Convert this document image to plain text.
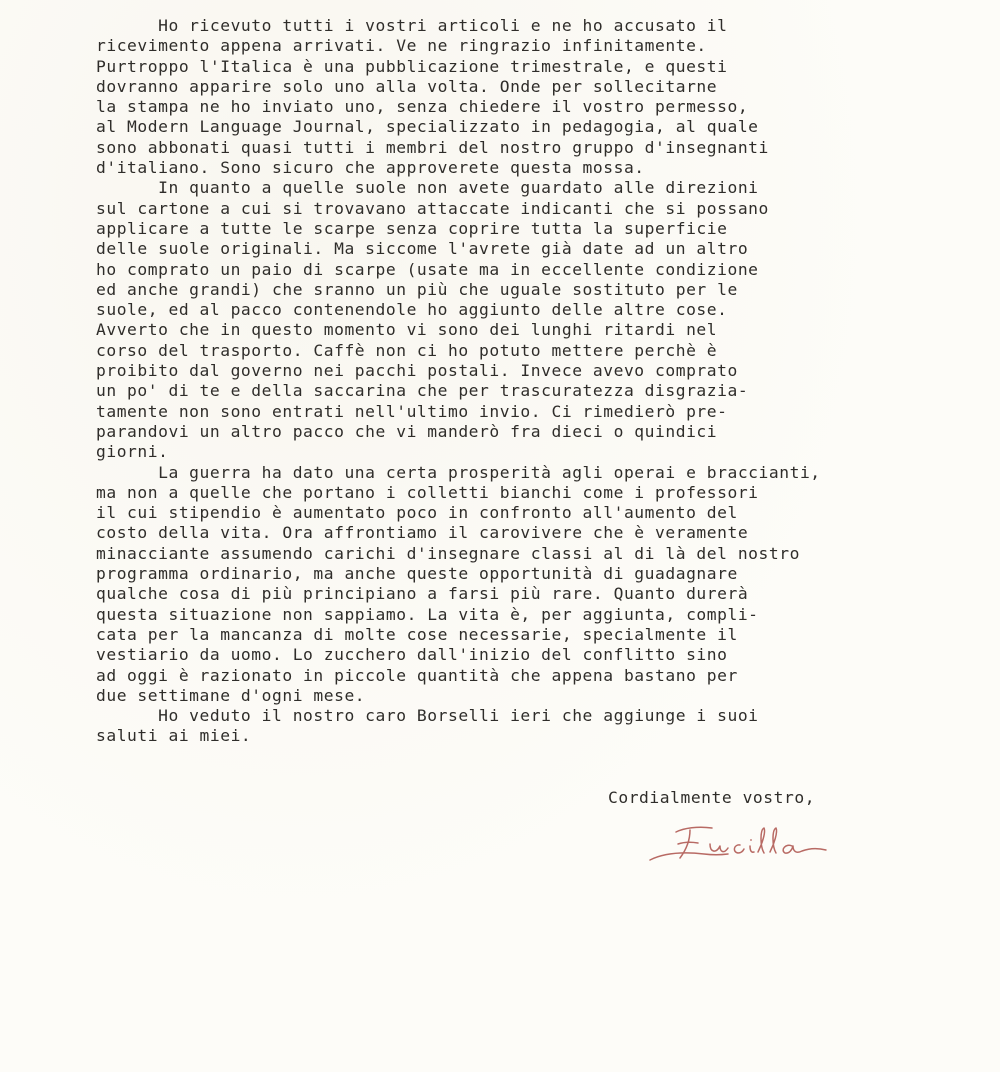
Ho ricevuto tutti i vostri articoli e ne ho accusato il
ricevimento appena arrivati. Ve ne ringrazio infinitamente.
Purtroppo l'Italica è una pubblicazione trimestrale, e questi
dovranno apparire solo uno alla volta. Onde per sollecitarne
la stampa ne ho inviato uno, senza chiedere il vostro permesso,
al Modern Language Journal, specializzato in pedagogia, al quale
sono abbonati quasi tutti i membri del nostro gruppo d'insegnanti
d'italiano. Sono sicuro che approverete questa mossa.
In quanto a quelle suole non avete guardato alle direzioni
sul cartone a cui si trovavano attaccate indicanti che si possano
applicare a tutte le scarpe senza coprire tutta la superficie
delle suole originali. Ma siccome l'avrete già date ad un altro
ho comprato un paio di scarpe (usate ma in eccellente condizione
ed anche grandi) che sranno un più che uguale sostituto per le
suole, ed al pacco contenendole ho aggiunto delle altre cose.
Avverto che in questo momento vi sono dei lunghi ritardi nel
corso del trasporto. Caffè non ci ho potuto mettere perchè è
proibito dal governo nei pacchi postali. Invece avevo comprato
un po' di te e della saccarina che per trascuratezza disgrazia-
tamente non sono entrati nell'ultimo invio. Ci rimedierò pre-
parandovi un altro pacco che vi manderò fra dieci o quindici
giorni.
La guerra ha dato una certa prosperità agli operai e braccianti,
ma non a quelle che portano i colletti bianchi come i professori
il cui stipendio è aumentato poco in confronto all'aumento del
costo della vita. Ora affrontiamo il carovivere che è veramente
minacciante assumendo carichi d'insegnare classi al di là del nostro
programma ordinario, ma anche queste opportunità di guadagnare
qualche cosa di più principiano a farsi più rare. Quanto durerà
questa situazione non sappiamo. La vita è, per aggiunta, compli-
cata per la mancanza di molte cose necessarie, specialmente il
vestiario da uomo. Lo zucchero dall'inizio del conflitto sino
ad oggi è razionato in piccole quantità che appena bastano per
due settimane d'ogni mese.
Ho veduto il nostro caro Borselli ieri che aggiunge i suoi
saluti ai miei.
Cordialmente vostro,
